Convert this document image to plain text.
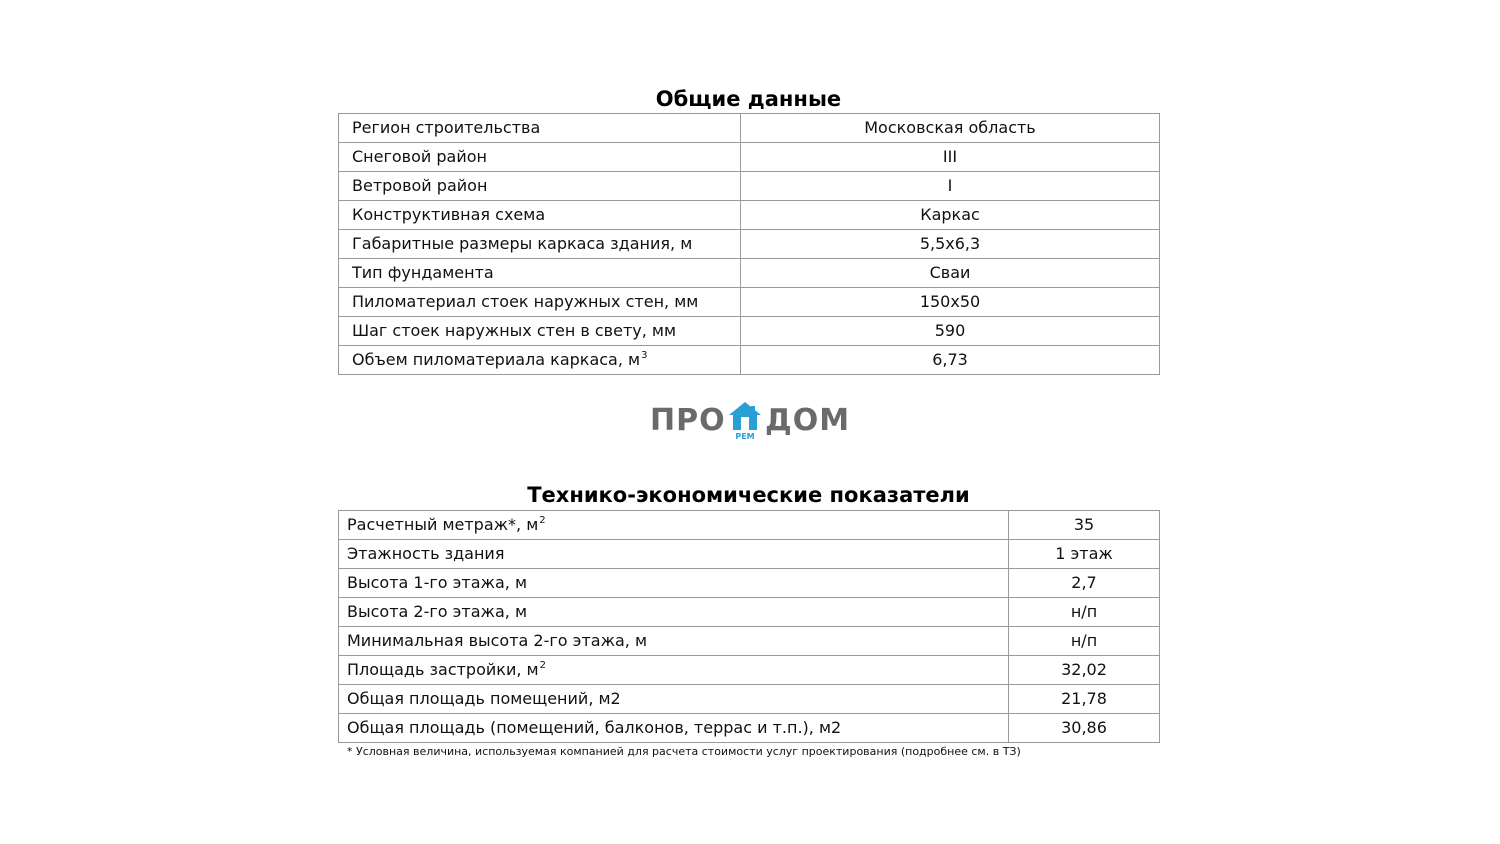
Общие данные
Регион строительства	Московская область
Снеговой район	III
Ветровой район	I
Конструктивная схема	Каркас
Габаритные размеры каркаса здания, м	5,5х6,3
Тип фундамента	Сваи
Пиломатериал стоек наружных стен, мм	150х50
Шаг стоек наружных стен в свету, мм	590
Объем пиломатериала каркаса, $м^3$	6,73
ПРО	РЕМ ДОМ
Технико-экономические показатели
Расчетный метраж*, $м^2$	35
Этажность здания	1 этаж
Высота 1-го этажа, м	2,7
Высота 2-го этажа, м	н/п
Минимальная высота 2-го этажа, м	н/п
Площадь застройки, $м^2$	32,02
Общая площадь помещений, м2	21,78
Общая площадь (помещений, балконов, террас и т.п.), м2	30,86
* Условная величина, используемая компанией для расчета стоимости услуг проектирования (подробнее см. в ТЗ)
